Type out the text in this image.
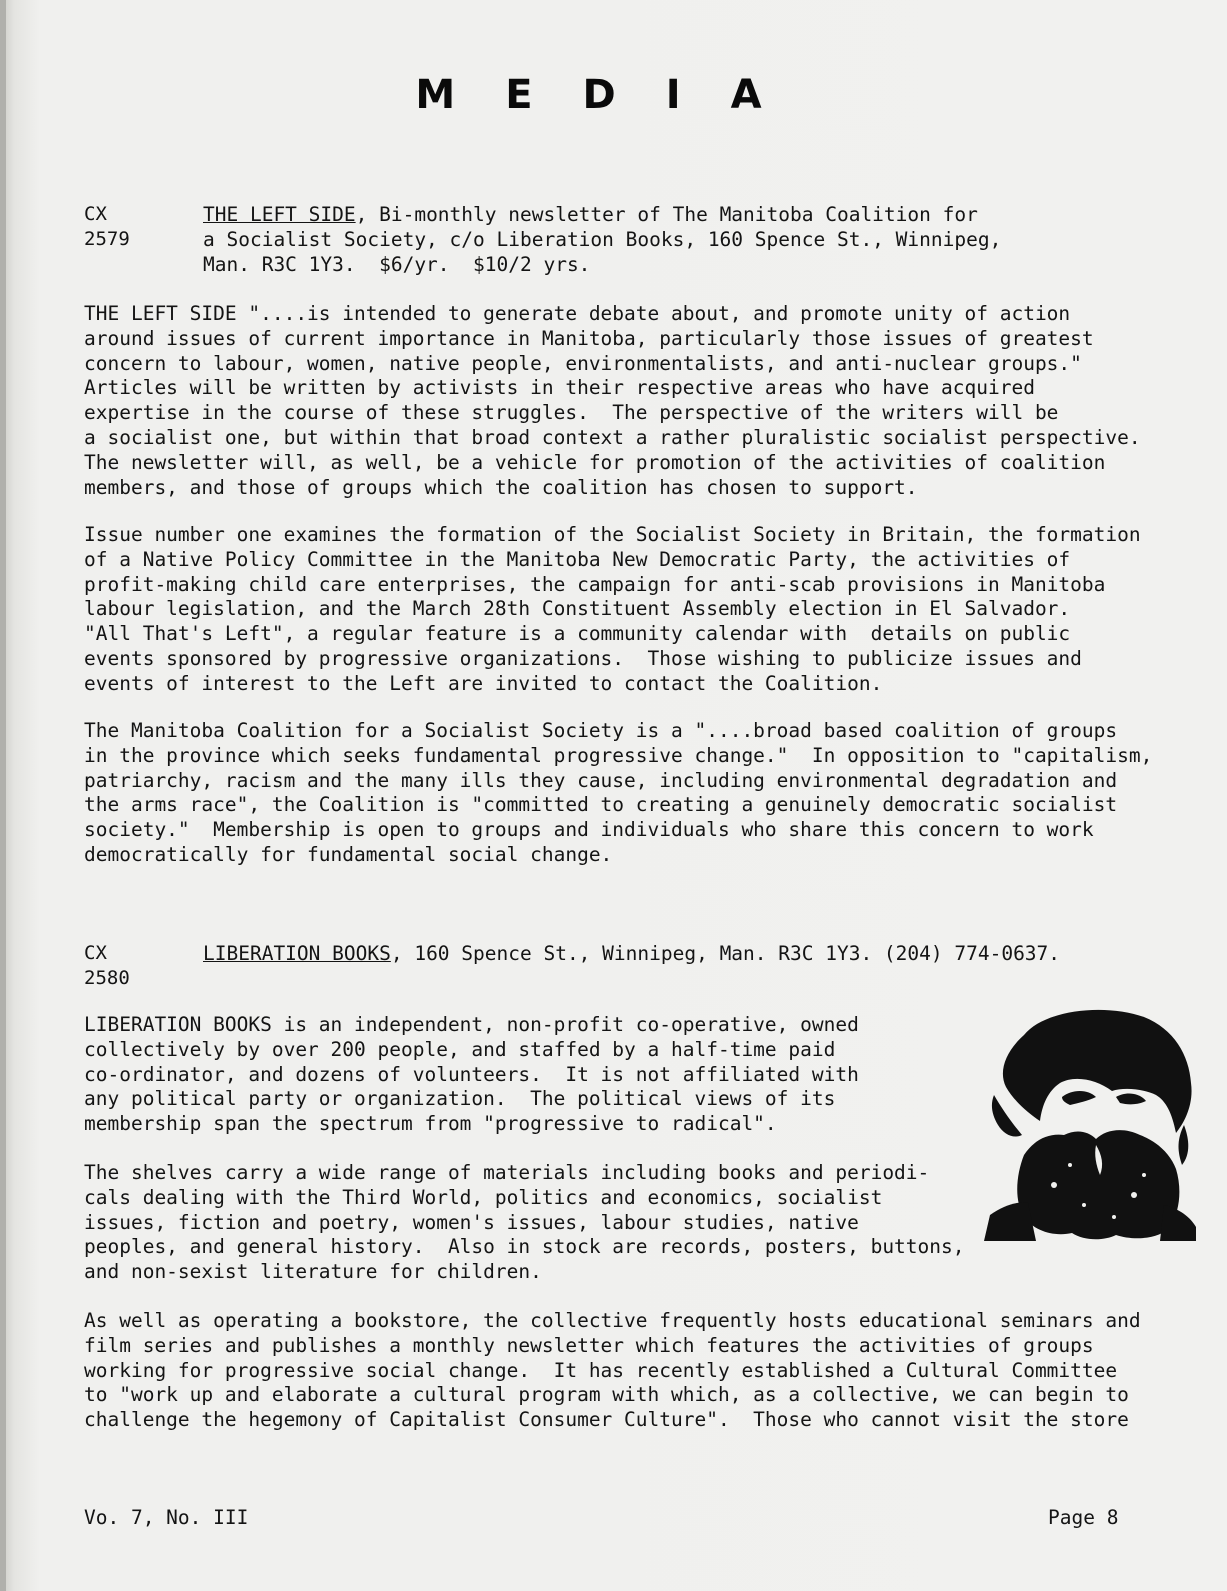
MEDIA
CX
2579
THE LEFT SIDE, Bi-monthly newsletter of The Manitoba Coalition for
a Socialist Society, c/o Liberation Books, 160 Spence St., Winnipeg,
Man. R3C 1Y3.  $6/yr.  $10/2 yrs.
THE LEFT SIDE "....is intended to generate debate about, and promote unity of action
around issues of current importance in Manitoba, particularly those issues of greatest
concern to labour, women, native people, environmentalists, and anti-nuclear groups."
Articles will be written by activists in their respective areas who have acquired
expertise in the course of these struggles.  The perspective of the writers will be
a socialist one, but within that broad context a rather pluralistic socialist perspective.
The newsletter will, as well, be a vehicle for promotion of the activities of coalition
members, and those of groups which the coalition has chosen to support.
Issue number one examines the formation of the Socialist Society in Britain, the formation
of a Native Policy Committee in the Manitoba New Democratic Party, the activities of
profit-making child care enterprises, the campaign for anti-scab provisions in Manitoba
labour legislation, and the March 28th Constituent Assembly election in El Salvador.
"All That's Left", a regular feature is a community calendar with  details on public
events sponsored by progressive organizations.  Those wishing to publicize issues and
events of interest to the Left are invited to contact the Coalition.
The Manitoba Coalition for a Socialist Society is a "....broad based coalition of groups
in the province which seeks fundamental progressive change."  In opposition to "capitalism,
patriarchy, racism and the many ills they cause, including environmental degradation and
the arms race", the Coalition is "committed to creating a genuinely democratic socialist
society."  Membership is open to groups and individuals who share this concern to work
democratically for fundamental social change.
CX
2580
LIBERATION BOOKS, 160 Spence St., Winnipeg, Man. R3C 1Y3. (204) 774-0637.
LIBERATION BOOKS is an independent, non-profit co-operative, owned
collectively by over 200 people, and staffed by a half-time paid
co-ordinator, and dozens of volunteers.  It is not affiliated with
any political party or organization.  The political views of its
membership span the spectrum from "progressive to radical".
The shelves carry a wide range of materials including books and periodi-
cals dealing with the Third World, politics and economics, socialist
issues, fiction and poetry, women's issues, labour studies, native
peoples, and general history.  Also in stock are records, posters, buttons,
and non-sexist literature for children.
As well as operating a bookstore, the collective frequently hosts educational seminars and
film series and publishes a monthly newsletter which features the activities of groups
working for progressive social change.  It has recently established a Cultural Committee
to "work up and elaborate a cultural program with which, as a collective, we can begin to
challenge the hegemony of Capitalist Consumer Culture".  Those who cannot visit the store
Vo. 7, No. III	Page 8
